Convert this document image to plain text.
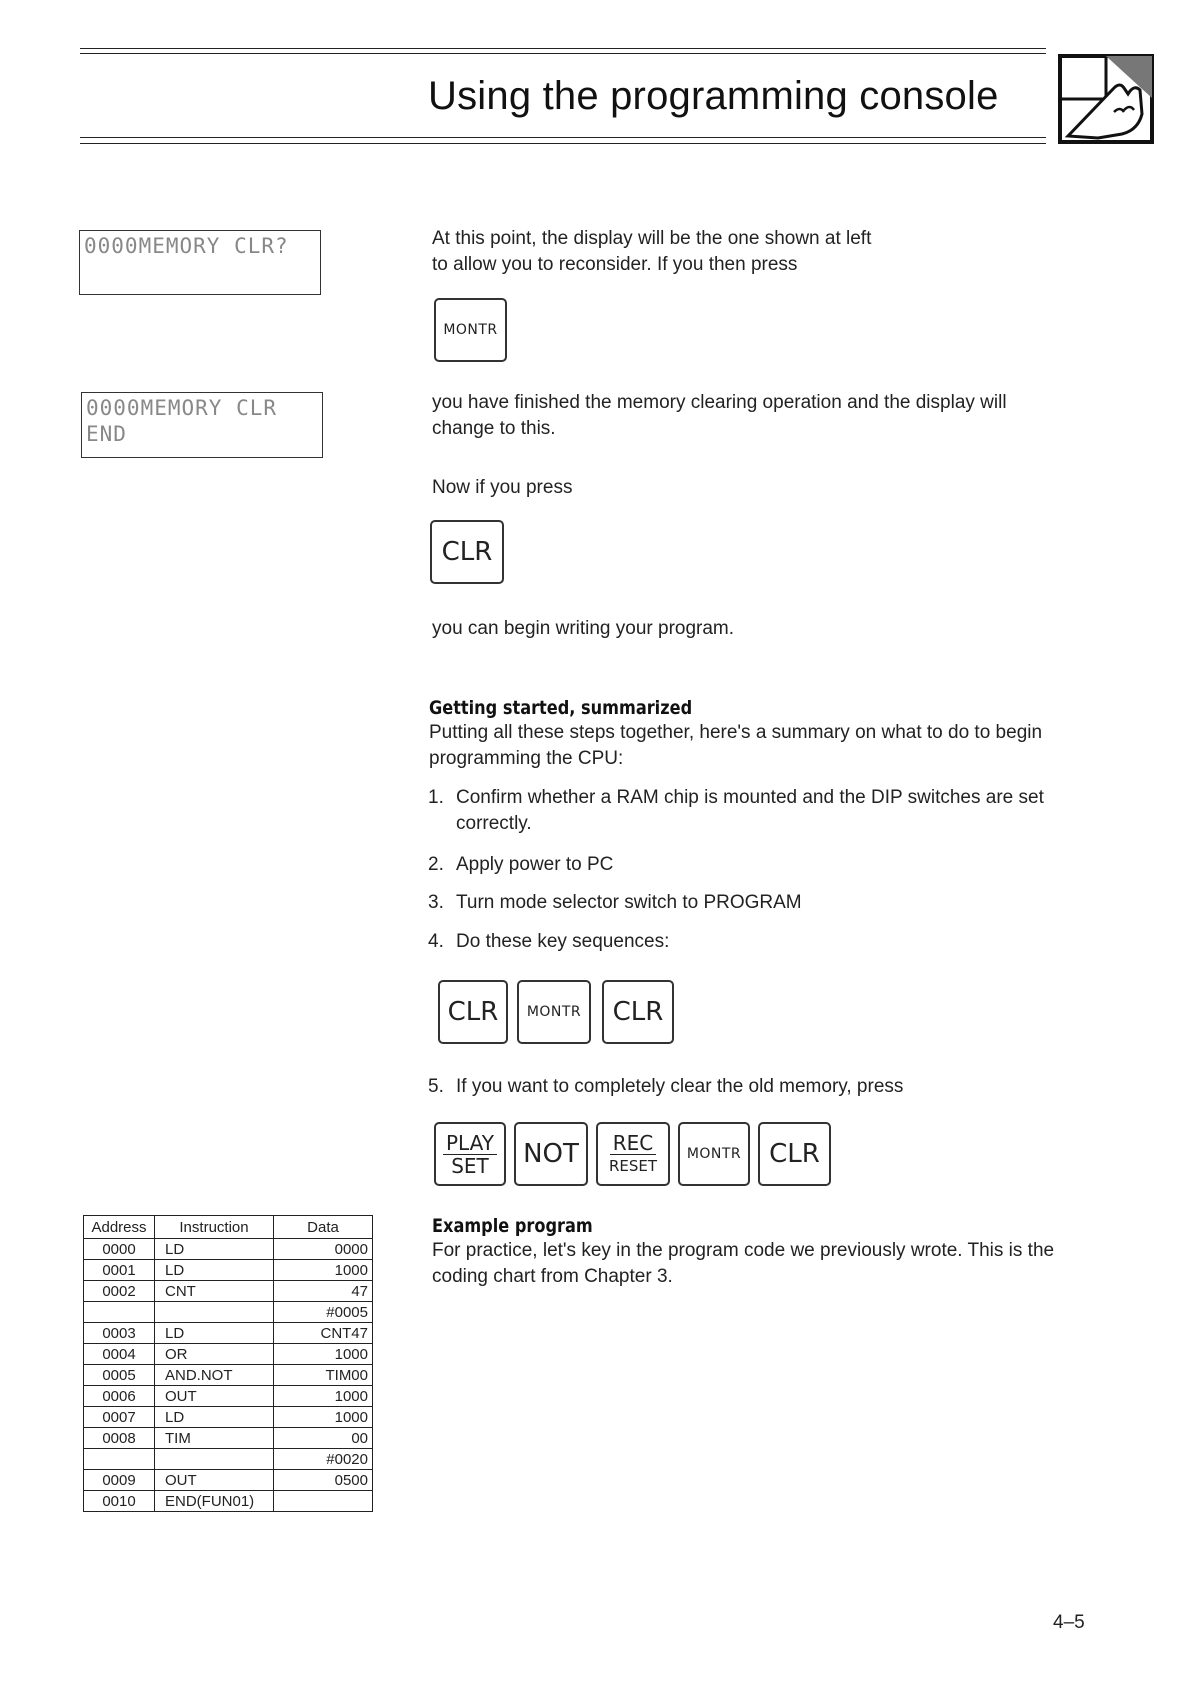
Using the programming console
0000MEMORY CLR?
0000MEMORY CLR
END
At this point, the display will be the one shown at left
to allow you to reconsider. If you then press
MONTR
you have finished the memory clearing operation and the display will
change to this.
Now if you press
CLR
you can begin writing your program.
Getting started, summarized
Putting all these steps together, here's a summary on what to do to begin
programming the CPU:
1. Confirm whether a RAM chip is mounted and the DIP switches are set correctly.
2. Apply power to PC
3. Turn mode selector switch to PROGRAM
4. Do these key sequences:
CLR	MONTR	CLR
5. If you want to completely clear the old memory, press
PLAY
SET	NOT	REC
RESET
MONTR	CLR
Example program
For practice, let's key in the program code we previously wrote. This is the
coding chart from Chapter 3.
Address	Instruction	Data
0000	LD	0000
0001	LD	1000
0002	CNT	47
		#0005
0003	LD	CNT47
0004	OR	1000
0005	AND.NOT	TIM00
0006	OUT	1000
0007	LD	1000
0008	TIM	00
		#0020
0009	OUT	0500
0010	END(FUN01)	
4–5
